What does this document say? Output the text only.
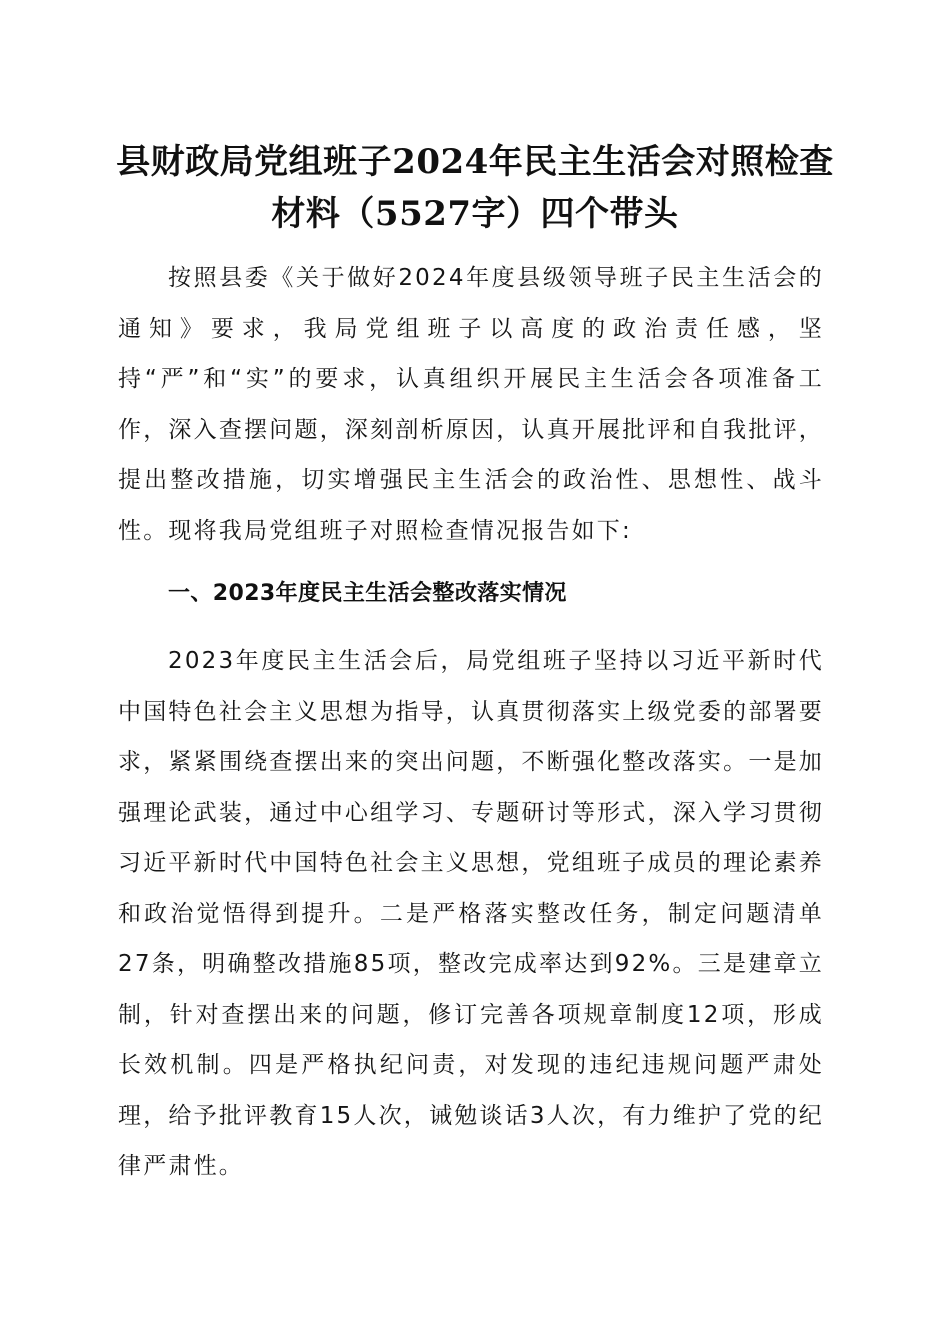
县财政局党组班子2024年民主生活会对照检查材料（5527字）四个带头

按照县委《关于做好2024年度县级领导班子民主生活会的通知》要求，我局党组班子以高度的政治责任感，坚持“严”和“实”的要求，认真组织开展民主生活会各项准备工作，深入查摆问题，深刻剖析原因，认真开展批评和自我批评，提出整改措施，切实增强民主生活会的政治性、思想性、战斗性。现将我局党组班子对照检查情况报告如下:

一、2023年度民主生活会整改落实情况

2023年度民主生活会后，局党组班子坚持以习近平新时代中国特色社会主义思想为指导，认真贯彻落实上级党委的部署要求，紧紧围绕查摆出来的突出问题，不断强化整改落实。一是加强理论武装，通过中心组学习、专题研讨等形式，深入学习贯彻习近平新时代中国特色社会主义思想，党组班子成员的理论素养和政治觉悟得到提升。二是严格落实整改任务，制定问题清单27条，明确整改措施85项，整改完成率达到92%。三是建章立制，针对查摆出来的问题，修订完善各项规章制度12项，形成长效机制。四是严格执纪问责，对发现的违纪违规问题严肃处理，给予批评教育15人次，诫勉谈话3人次，有力维护了党的纪律严肃性。
